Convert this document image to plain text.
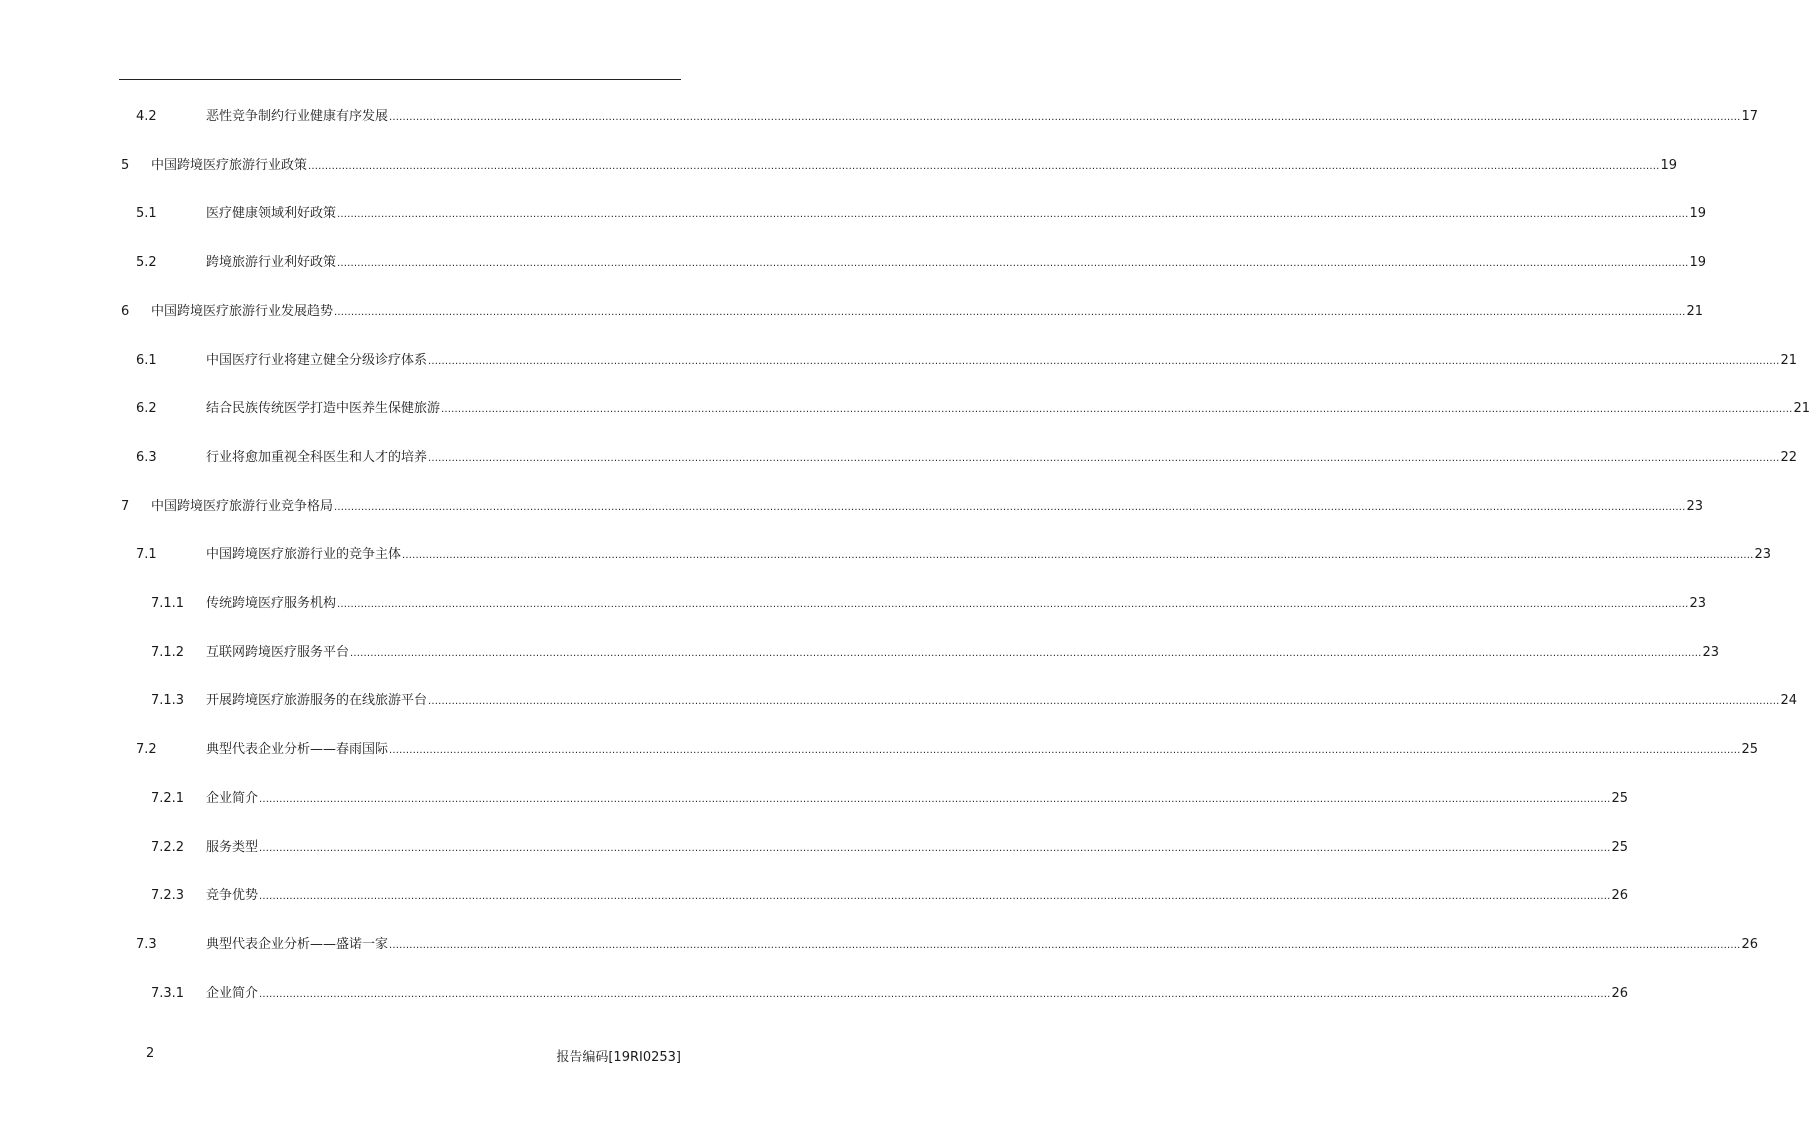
4.2	恶性竞争制约行业健康有序发展 ................................................................................................................................................................................................................................................................................................................................................................................................................ 17
5 中国跨境医疗旅游行业政策 ................................................................................................................................................................................................................................................................................................................................................................................................................ 19
5.1	医疗健康领域利好政策 ................................................................................................................................................................................................................................................................................................................................................................................................................ 19
5.2	跨境旅游行业利好政策 ................................................................................................................................................................................................................................................................................................................................................................................................................ 19
6 中国跨境医疗旅游行业发展趋势 ................................................................................................................................................................................................................................................................................................................................................................................................................ 21
6.1	中国医疗行业将建立健全分级诊疗体系 ................................................................................................................................................................................................................................................................................................................................................................................................................ 21
6.2	结合民族传统医学打造中医养生保健旅游 ................................................................................................................................................................................................................................................................................................................................................................................................................ 21
6.3	行业将愈加重视全科医生和人才的培养 ................................................................................................................................................................................................................................................................................................................................................................................................................ 22
7 中国跨境医疗旅游行业竞争格局 ................................................................................................................................................................................................................................................................................................................................................................................................................ 23
7.1	中国跨境医疗旅游行业的竞争主体 ................................................................................................................................................................................................................................................................................................................................................................................................................ 23
7.1.1 传统跨境医疗服务机构 ................................................................................................................................................................................................................................................................................................................................................................................................................ 23
7.1.2 互联网跨境医疗服务平台 ................................................................................................................................................................................................................................................................................................................................................................................................................ 23
7.1.3 开展跨境医疗旅游服务的在线旅游平台 ................................................................................................................................................................................................................................................................................................................................................................................................................ 24
7.2	典型代表企业分析——春雨国际 ................................................................................................................................................................................................................................................................................................................................................................................................................ 25
7.2.1 企业简介 ................................................................................................................................................................................................................................................................................................................................................................................................................ 25
7.2.2 服务类型 ................................................................................................................................................................................................................................................................................................................................................................................................................ 25
7.2.3 竞争优势 ................................................................................................................................................................................................................................................................................................................................................................................................................ 26
7.3	典型代表企业分析——盛诺一家 ................................................................................................................................................................................................................................................................................................................................................................................................................ 26
7.3.1 企业简介 ................................................................................................................................................................................................................................................................................................................................................................................................................ 26
2	报告编码[19RI0253]
